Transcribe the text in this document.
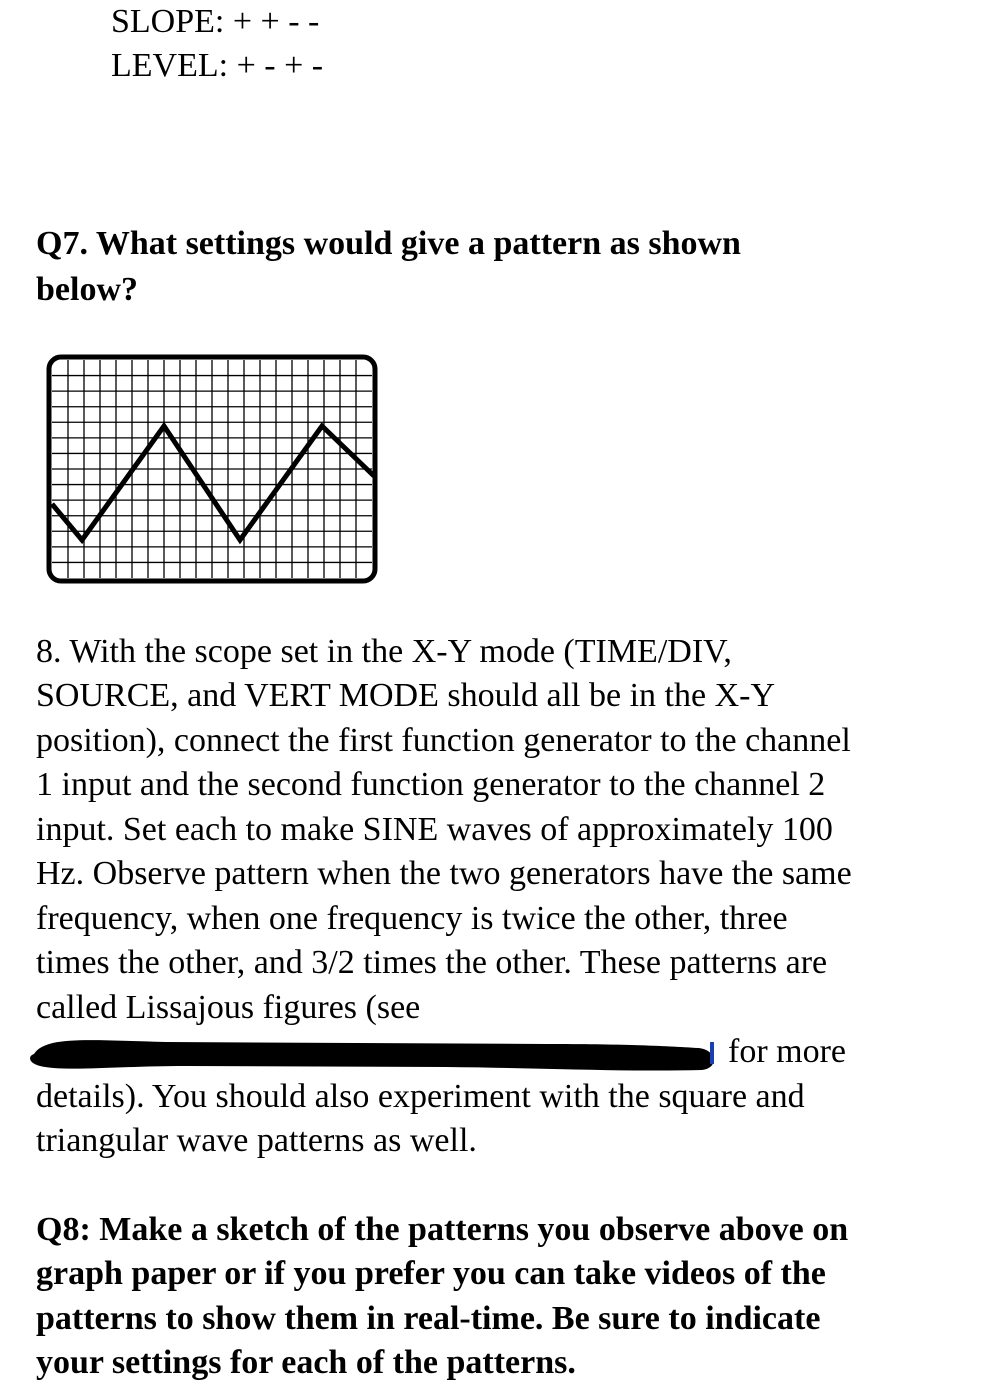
SLOPE: + + - -
LEVEL: + - + -
Q7. What settings would give a pattern as shown
below?
8. With the scope set in the X-Y mode (TIME/DIV,
SOURCE, and VERT MODE should all be in the X-Y
position), connect the first function generator to the channel
1 input and the second function generator to the channel 2
input. Set each to make SINE waves of approximately 100
Hz. Observe pattern when the two generators have the same
frequency, when one frequency is twice the other, three
times the other, and 3/2 times the other. These patterns are
called Lissajous figures (see
for more
details). You should also experiment with the square and
triangular wave patterns as well.
Q8: Make a sketch of the patterns you observe above on
graph paper or if you prefer you can take videos of the
patterns to show them in real-time. Be sure to indicate
your settings for each of the patterns.
